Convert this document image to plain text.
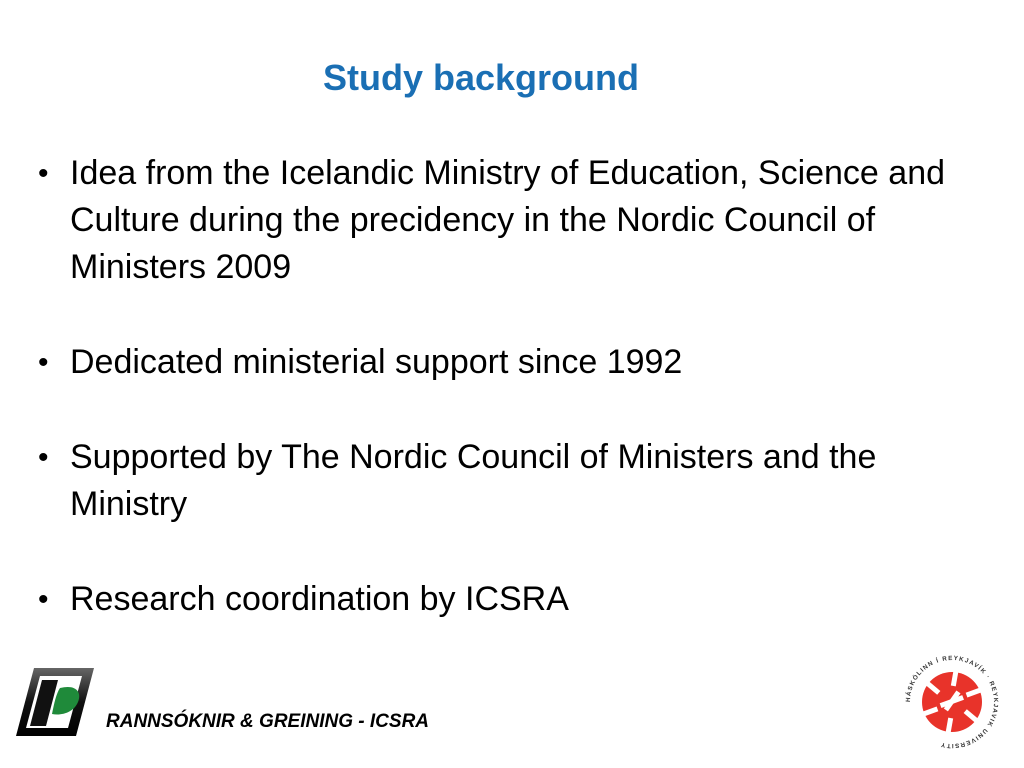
Study background
• Idea from the Icelandic Ministry of Education, Science and Culture during the precidency in the Nordic Council of Ministers 2009
• Dedicated ministerial support since 1992
• Supported by The Nordic Council of Ministers and the Ministry
• Research coordination by ICSRA
RANNSÓKNIR & GREINING - ICSRA
HÁSKÓLINN Í REYKJAVÍK · REYKJAVIK UNIVERSITY
